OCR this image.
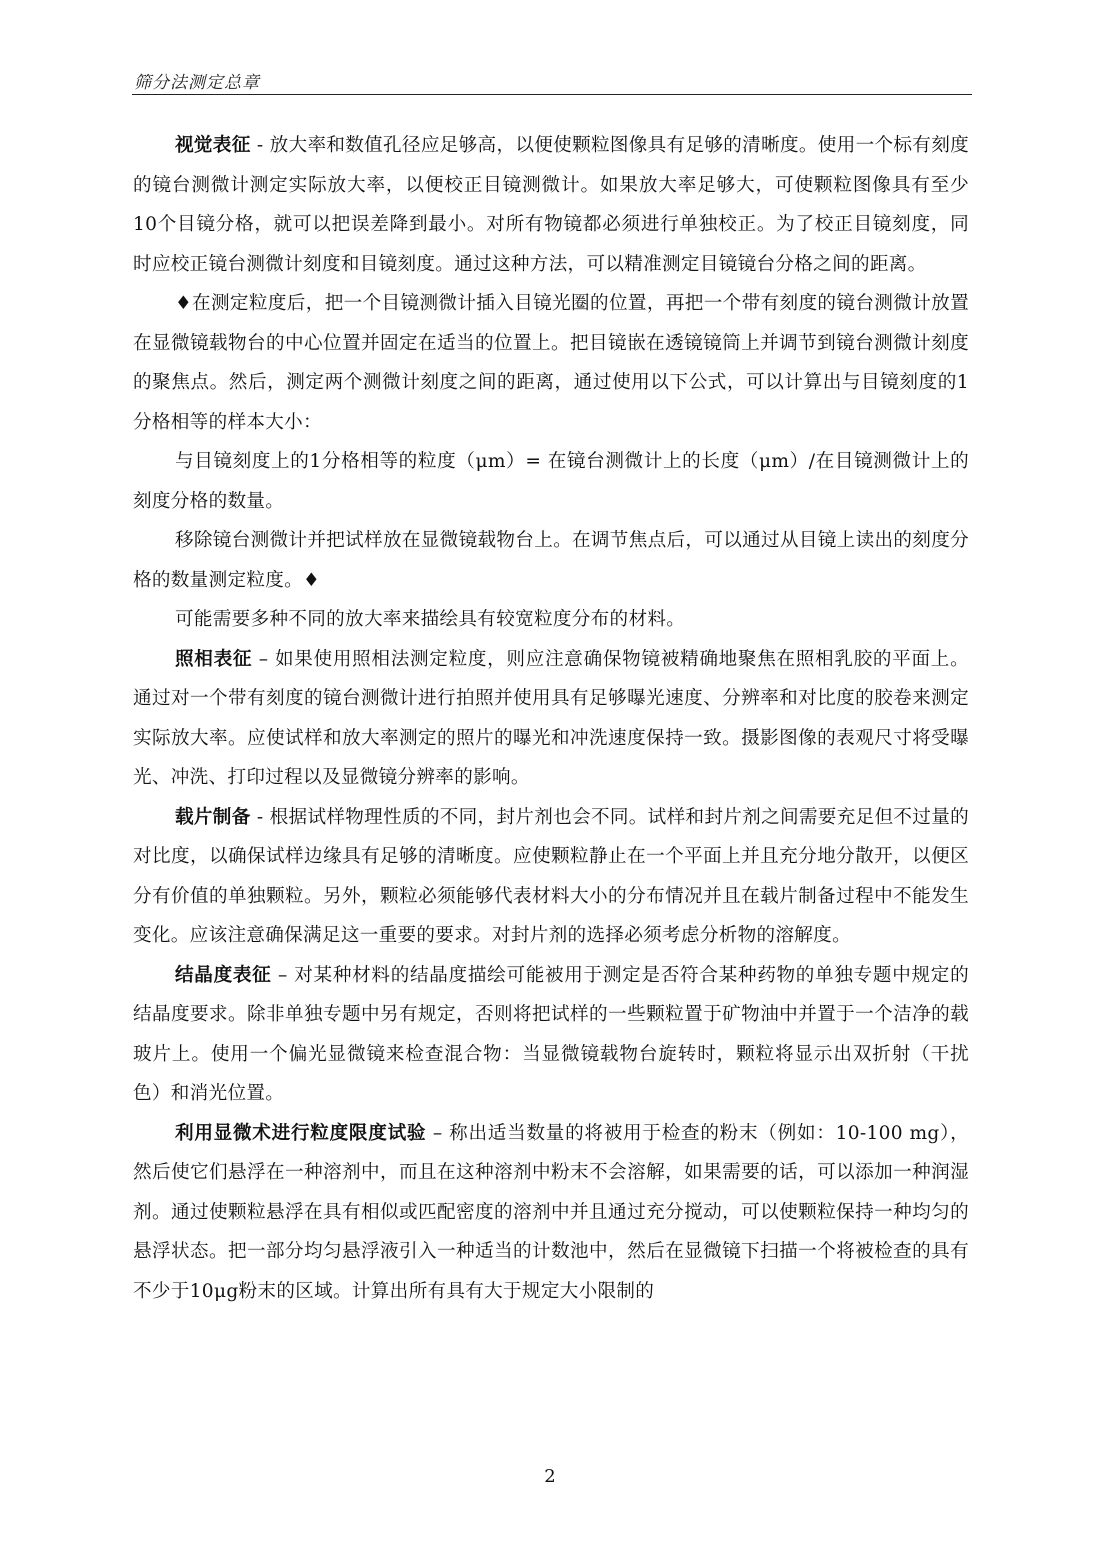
筛分法测定总章

视觉表征 - 放大率和数值孔径应足够高，以便使颗粒图像具有足够的清晰度。使用一个标有刻度的镜台测微计测定实际放大率，以便校正目镜测微计。如果放大率足够大，可使颗粒图像具有至少10个目镜分格，就可以把误差降到最小。对所有物镜都必须进行单独校正。为了校正目镜刻度，同时应校正镜台测微计刻度和目镜刻度。通过这种方法，可以精准测定目镜镜台分格之间的距离。

♦在测定粒度后，把一个目镜测微计插入目镜光圈的位置，再把一个带有刻度的镜台测微计放置在显微镜载物台的中心位置并固定在适当的位置上。把目镜嵌在透镜镜筒上并调节到镜台测微计刻度的聚焦点。然后，测定两个测微计刻度之间的距离，通过使用以下公式，可以计算出与目镜刻度的1分格相等的样本大小：

与目镜刻度上的1分格相等的粒度（μm）= 在镜台测微计上的长度（μm）/在目镜测微计上的刻度分格的数量。

移除镜台测微计并把试样放在显微镜载物台上。在调节焦点后，可以通过从目镜上读出的刻度分格的数量测定粒度。♦

可能需要多种不同的放大率来描绘具有较宽粒度分布的材料。

照相表征 – 如果使用照相法测定粒度，则应注意确保物镜被精确地聚焦在照相乳胶的平面上。通过对一个带有刻度的镜台测微计进行拍照并使用具有足够曝光速度、分辨率和对比度的胶卷来测定实际放大率。应使试样和放大率测定的照片的曝光和冲洗速度保持一致。摄影图像的表观尺寸将受曝光、冲洗、打印过程以及显微镜分辨率的影响。

载片制备 - 根据试样物理性质的不同，封片剂也会不同。试样和封片剂之间需要充足但不过量的对比度，以确保试样边缘具有足够的清晰度。应使颗粒静止在一个平面上并且充分地分散开，以便区分有价值的单独颗粒。另外，颗粒必须能够代表材料大小的分布情况并且在载片制备过程中不能发生变化。应该注意确保满足这一重要的要求。对封片剂的选择必须考虑分析物的溶解度。

结晶度表征 – 对某种材料的结晶度描绘可能被用于测定是否符合某种药物的单独专题中规定的结晶度要求。除非单独专题中另有规定，否则将把试样的一些颗粒置于矿物油中并置于一个洁净的载玻片上。使用一个偏光显微镜来检查混合物：当显微镜载物台旋转时，颗粒将显示出双折射（干扰色）和消光位置。

利用显微术进行粒度限度试验 – 称出适当数量的将被用于检查的粉末（例如：10-100 mg），然后使它们悬浮在一种溶剂中，而且在这种溶剂中粉末不会溶解，如果需要的话，可以添加一种润湿剂。通过使颗粒悬浮在具有相似或匹配密度的溶剂中并且通过充分搅动，可以使颗粒保持一种均匀的悬浮状态。把一部分均匀悬浮液引入一种适当的计数池中，然后在显微镜下扫描一个将被检查的具有不少于10μg粉末的区域。计算出所有具有大于规定大小限制的

2
